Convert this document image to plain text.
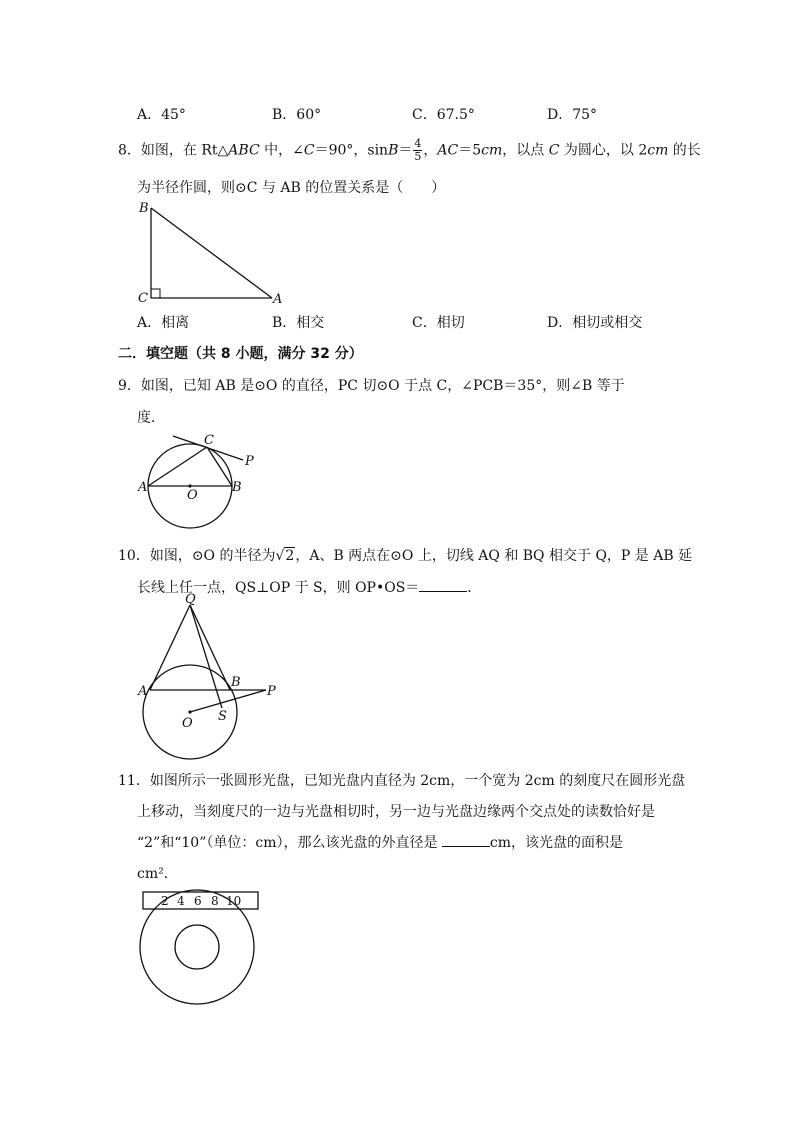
A．45°	B．60°	C．67.5°	D．75°
8．如图，在 Rt△ABC 中，∠C＝90°，$\sin B= \frac{4}{5}$ ，AC＝5cm，以点 C 为圆心，以 2cm 的长
为半径作圆，则⊙C 与 AB 的位置关系是（　　）
B
C	A
A．相离	B．相交	C．相切	D．相切或相交
二．填空题（共 8 小题，满分 32 分）
9．如图，已知 AB 是⊙O 的直径，PC 切⊙O 于点 C，∠PCB＝35°，则∠B 等于
度．
A	B
C
O
P
10．如图，⊙O 的半径为√2，A、B 两点在⊙O 上，切线 AQ 和 BQ 相交于 Q，P 是 AB 延
长线上任一点，QS⊥OP 于 S，则 OP•OS＝	．
Q
A
B
P
O S
11．如图所示一张圆形光盘，已知光盘内直径为 2cm，一个宽为 2cm 的刻度尺在圆形光盘
上移动，当刻度尺的一边与光盘相切时，另一边与光盘边缘两个交点处的读数恰好是
“2”和“10”（单位：cm），那么该光盘的外直径是	cm，该光盘的面积是
cm²．
2 4 6 8 10
